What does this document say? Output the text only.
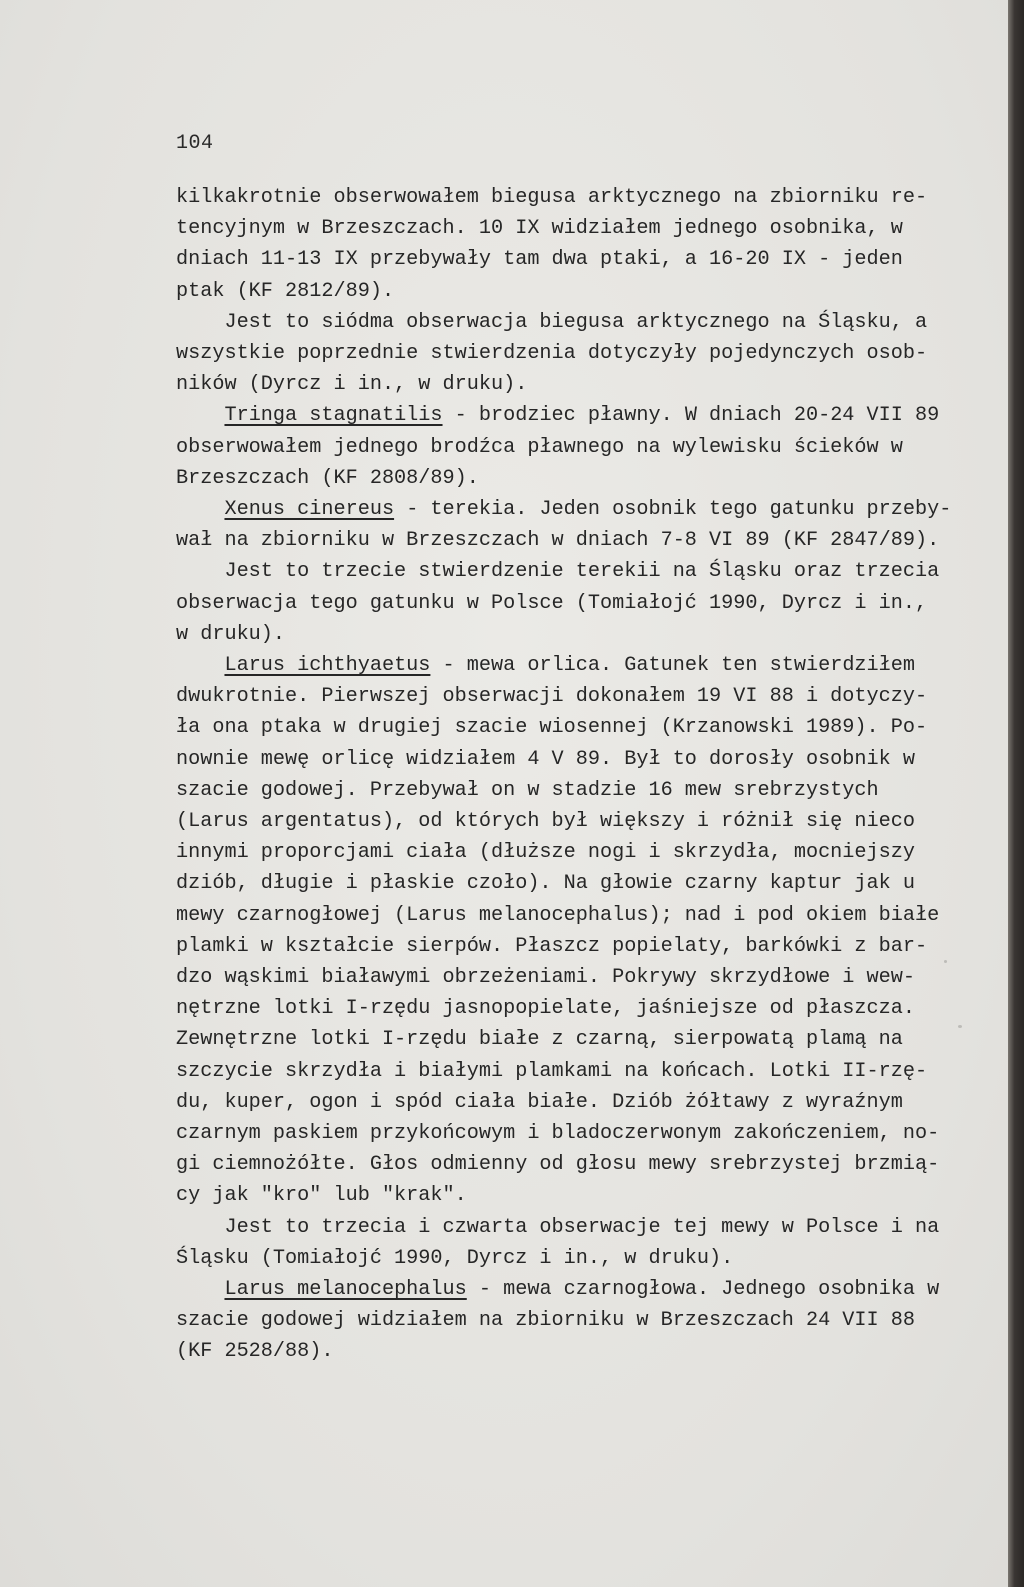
104
kilkakrotnie obserwowałem biegusa arktycznego na zbiorniku re-
tencyjnym w Brzeszczach. 10 IX widziałem jednego osobnika, w
dniach 11-13 IX przebywały tam dwa ptaki, a 16-20 IX - jeden
ptak (KF 2812/89).
Jest to siódma obserwacja biegusa arktycznego na Śląsku, a
wszystkie poprzednie stwierdzenia dotyczyły pojedynczych osob-
ników (Dyrcz i in., w druku).
Tringa stagnatilis - brodziec pławny. W dniach 20-24 VII 89
obserwowałem jednego brodźca pławnego na wylewisku ścieków w
Brzeszczach (KF 2808/89).
Xenus cinereus - terekia. Jeden osobnik tego gatunku przeby-
wał na zbiorniku w Brzeszczach w dniach 7-8 VI 89 (KF 2847/89).
Jest to trzecie stwierdzenie terekii na Śląsku oraz trzecia
obserwacja tego gatunku w Polsce (Tomiałojć 1990, Dyrcz i in.,
w druku).
Larus ichthyaetus - mewa orlica. Gatunek ten stwierdziłem
dwukrotnie. Pierwszej obserwacji dokonałem 19 VI 88 i dotyczy-
ła ona ptaka w drugiej szacie wiosennej (Krzanowski 1989). Po-
nownie mewę orlicę widziałem 4 V 89. Był to dorosły osobnik w
szacie godowej. Przebywał on w stadzie 16 mew srebrzystych
(Larus argentatus), od których był większy i różnił się nieco
innymi proporcjami ciała (dłuższe nogi i skrzydła, mocniejszy
dziób, długie i płaskie czoło). Na głowie czarny kaptur jak u
mewy czarnogłowej (Larus melanocephalus); nad i pod okiem białe
plamki w kształcie sierpów. Płaszcz popielaty, barkówki z bar-
dzo wąskimi białawymi obrzeżeniami. Pokrywy skrzydłowe i wew-
nętrzne lotki I-rzędu jasnopopielate, jaśniejsze od płaszcza.
Zewnętrzne lotki I-rzędu białe z czarną, sierpowatą plamą na
szczycie skrzydła i białymi plamkami na końcach. Lotki II-rzę-
du, kuper, ogon i spód ciała białe. Dziób żółtawy z wyraźnym
czarnym paskiem przykońcowym i bladoczerwonym zakończeniem, no-
gi ciemnożółte. Głos odmienny od głosu mewy srebrzystej brzmią-
cy jak "kro" lub "krak".
Jest to trzecia i czwarta obserwacje tej mewy w Polsce i na
Śląsku (Tomiałojć 1990, Dyrcz i in., w druku).
Larus melanocephalus - mewa czarnogłowa. Jednego osobnika w
szacie godowej widziałem na zbiorniku w Brzeszczach 24 VII 88
(KF 2528/88).
